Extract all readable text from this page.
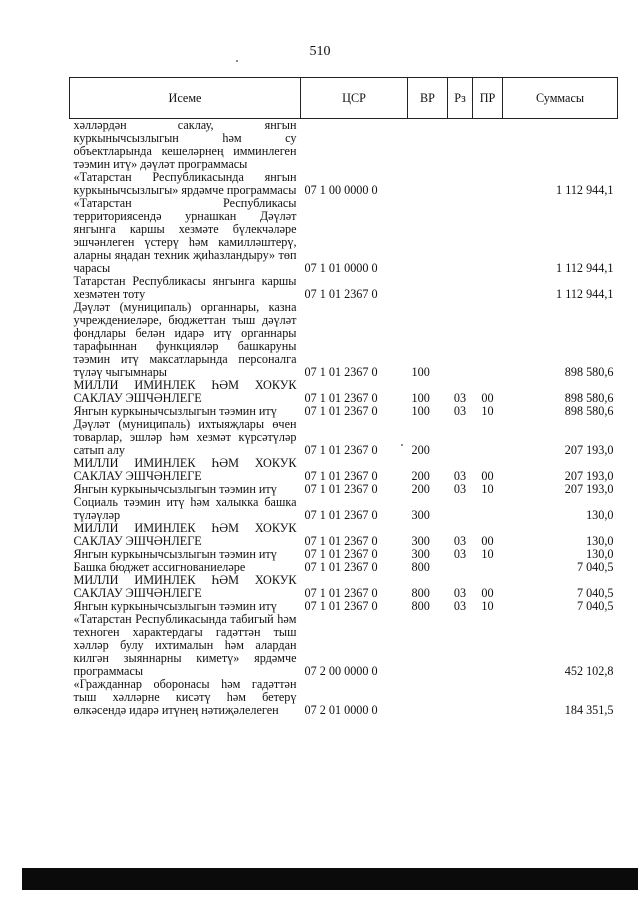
510
Исеме	ЦСР	ВР	Рз	ПР	Суммасы
хәлләрдән саклау, янгын куркынычсызлыгын һәм су объектларында кешеләрнең имминлеген тәэмин итү» дәүләт программасы					
«Татарстан Республикасында янгын куркынычсызлыгы» ярдәмче программасы	07 1 00 0000 0				1 112 944,1
«Татарстан Республикасы территориясендә урнашкан Дәүләт янгынга каршы хезмәте бүлекчәләре эшчәнлеген үстерү һәм камилләштерү, аларны яңадан техник җиһазландыру» төп чарасы	07 1 01 0000 0				1 112 944,1
Татарстан Республикасы янгынга каршы хезмәтен тоту	07 1 01 2367 0				1 112 944,1
Дәүләт (муниципаль) органнары, казна учреждениеләре, бюджеттан тыш дәүләт фондлары белән идарә итү органнары тарафыннан функцияләр башкаруны тәэмин итү максатларында персоналга түләү чыгымнары	07 1 01 2367 0	100			898 580,6
МИЛЛИ ИМИНЛЕК ҺӘМ ХОКУК САКЛАУ ЭШЧӘНЛЕГЕ	07 1 01 2367 0	100	03	00	898 580,6
Янгын куркынычсызлыгын тәэмин итү	07 1 01 2367 0	100	03	10	898 580,6
Дәүләт (муниципаль) ихтыяҗлары өчен товарлар, эшләр һәм хезмәт күрсәтүләр сатып алу	07 1 01 2367 0	200			207 193,0
МИЛЛИ ИМИНЛЕК ҺӘМ ХОКУК САКЛАУ ЭШЧӘНЛЕГЕ	07 1 01 2367 0	200	03	00	207 193,0
Янгын куркынычсызлыгын тәэмин итү	07 1 01 2367 0	200	03	10	207 193,0
Социаль тәэмин итү һәм халыкка башка түләүләр	07 1 01 2367 0	300			130,0
МИЛЛИ ИМИНЛЕК ҺӘМ ХОКУК САКЛАУ ЭШЧӘНЛЕГЕ	07 1 01 2367 0	300	03	00	130,0
Янгын куркынычсызлыгын тәэмин итү	07 1 01 2367 0	300	03	10	130,0
Башка бюджет ассигнованиеләре	07 1 01 2367 0	800			7 040,5
МИЛЛИ ИМИНЛЕК ҺӘМ ХОКУК САКЛАУ ЭШЧӘНЛЕГЕ	07 1 01 2367 0	800	03	00	7 040,5
Янгын куркынычсызлыгын тәэмин итү	07 1 01 2367 0	800	03	10	7 040,5
«Татарстан Республикасында табигый һәм техноген характердагы гадәттән тыш хәлләр булу ихтималын һәм алардан килгән зыяннарны киметү» ярдәмче программасы	07 2 00 0000 0				452 102,8
«Гражданнар оборонасы һәм гадәттән тыш хәлләрне кисәтү һәм бетерү өлкәсендә идарә итүнең нәтиҗәлелеген	07 2 01 0000 0				184 351,5
